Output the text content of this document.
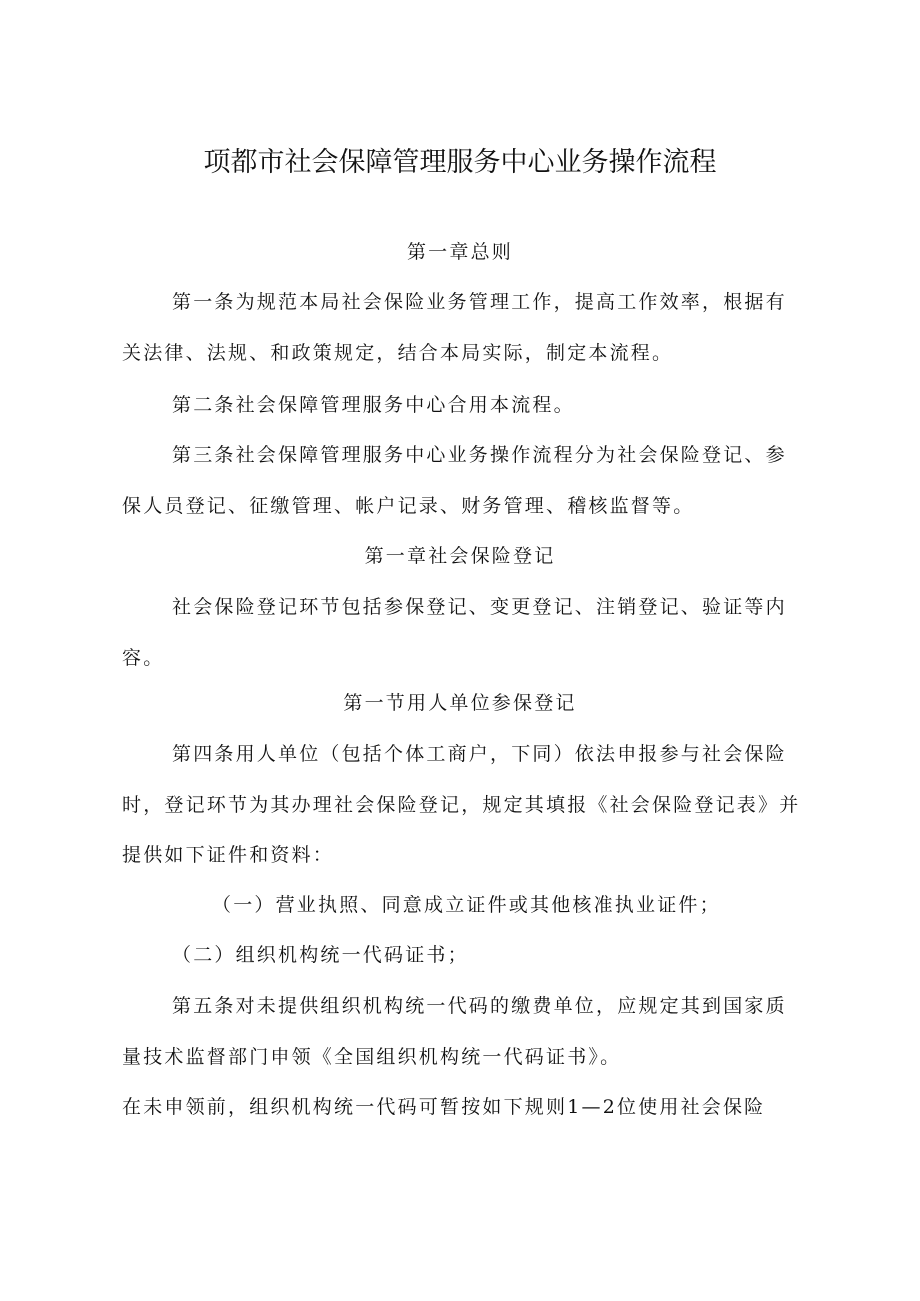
项都市社会保障管理服务中心业务操作流程
第一章总则
第一条为规范本局社会保险业务管理工作，提高工作效率，根据有
关法律、法规、和政策规定，结合本局实际，制定本流程。
第二条社会保障管理服务中心合用本流程。
第三条社会保障管理服务中心业务操作流程分为社会保险登记、参
保人员登记、征缴管理、帐户记录、财务管理、稽核监督等。
第一章社会保险登记
社会保险登记环节包括参保登记、变更登记、注销登记、验证等内
容。
第一节用人单位参保登记
第四条用人单位（包括个体工商户，下同）依法申报参与社会保险
时，登记环节为其办理社会保险登记，规定其填报《社会保险登记表》并
提供如下证件和资料：
（一）营业执照、同意成立证件或其他核准执业证件；
（二）组织机构统一代码证书；
第五条对未提供组织机构统一代码的缴费单位，应规定其到国家质
量技术监督部门申领《全国组织机构统一代码证书》。
在未申领前，组织机构统一代码可暂按如下规则1—2位使用社会保险
